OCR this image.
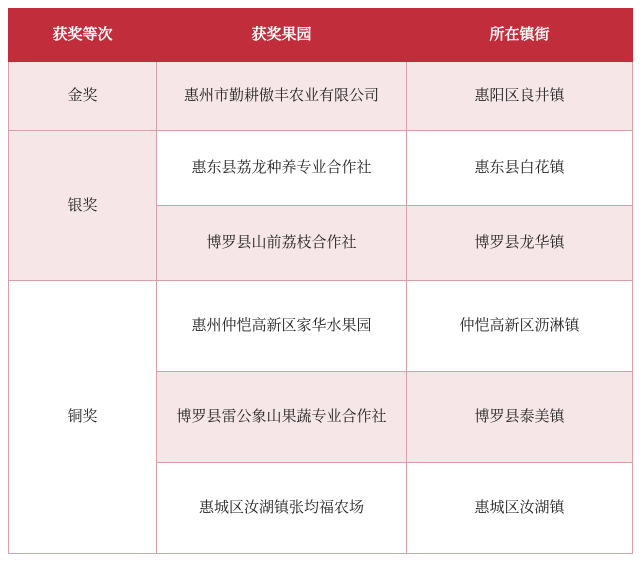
获奖等次	获奖果园	所在镇街
金奖	惠州市勤耕傲丰农业有限公司	惠阳区良井镇
银奖	惠东县荔龙种养专业合作社	惠东县白花镇
	博罗县山前荔枝合作社	博罗县龙华镇
铜奖	惠州仲恺高新区家华水果园	仲恺高新区沥淋镇
	博罗县雷公象山果蔬专业合作社	博罗县泰美镇
	惠城区汝湖镇张均福农场	惠城区汝湖镇
